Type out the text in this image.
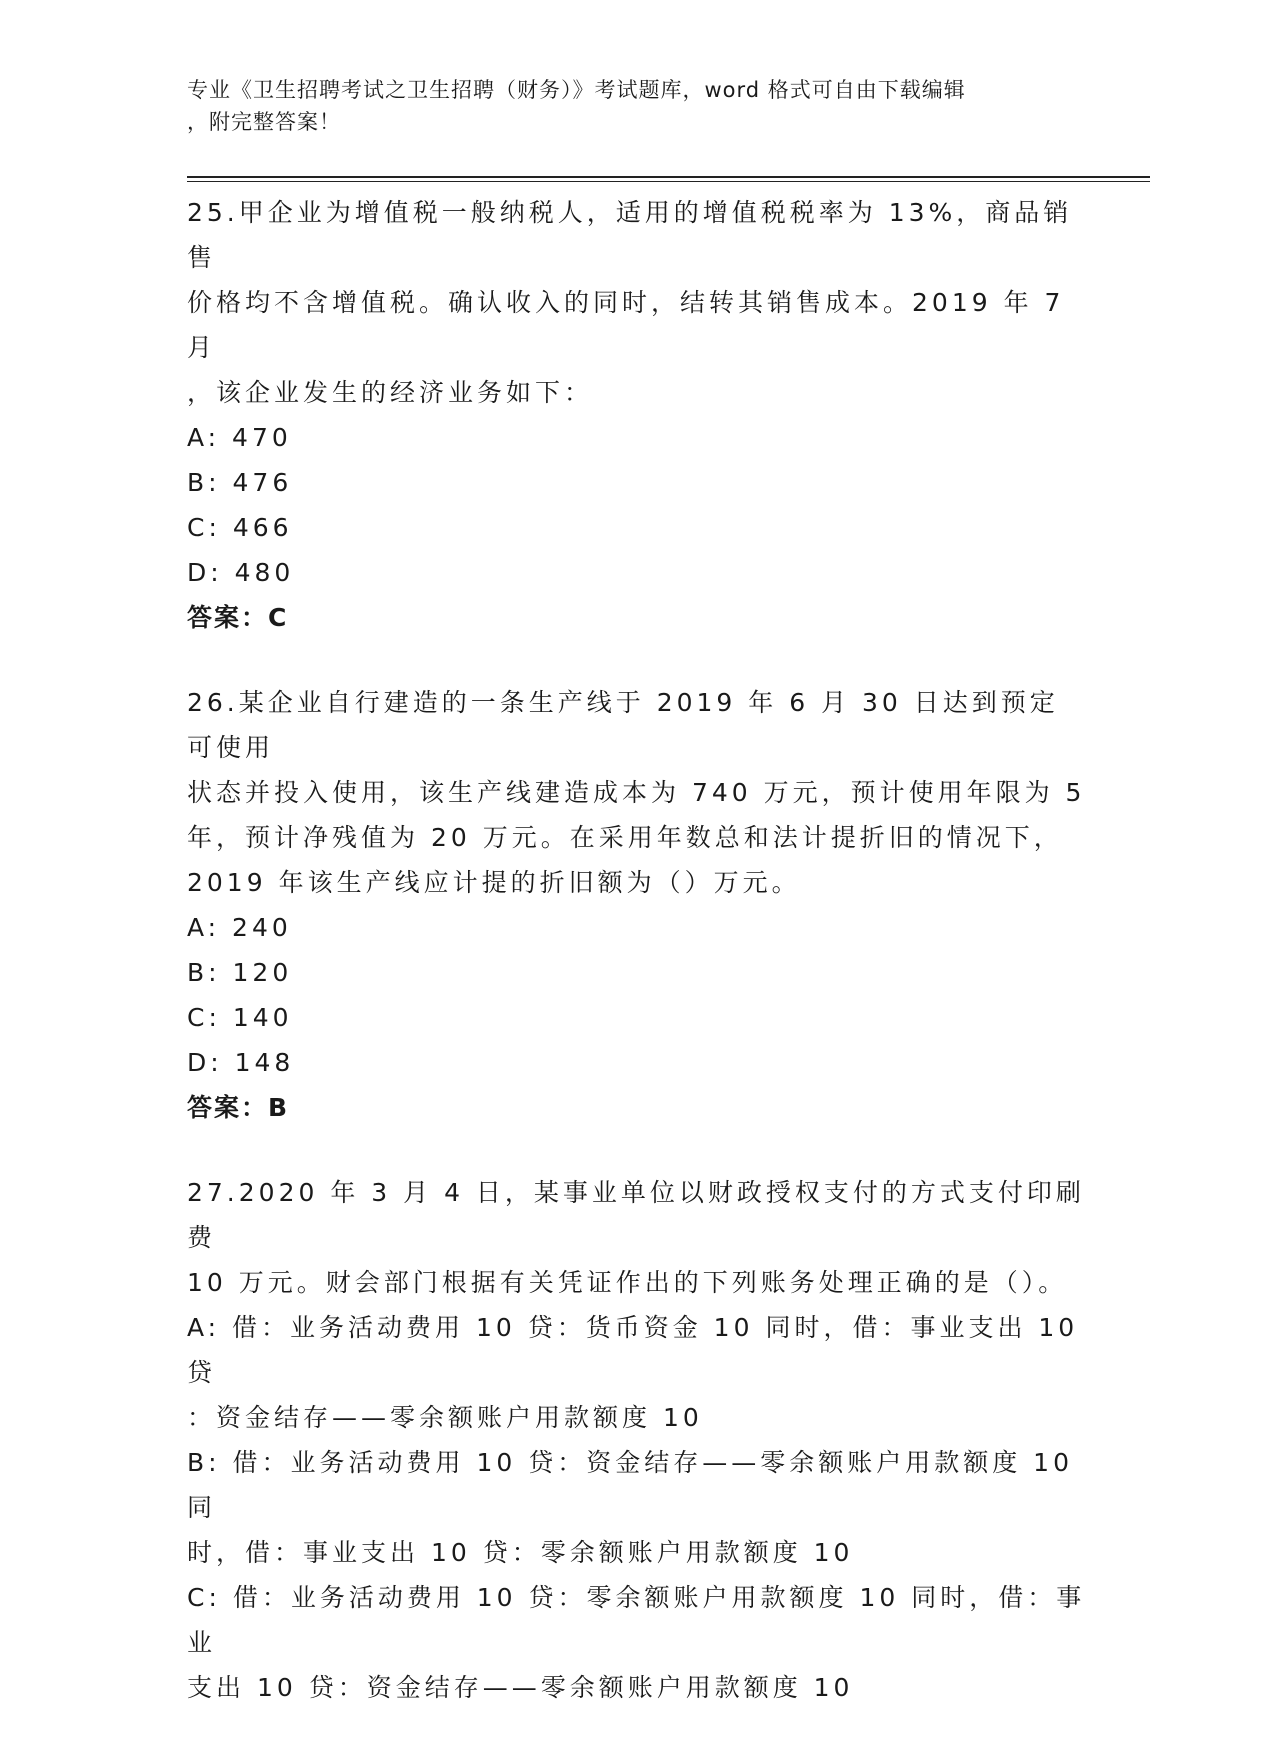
专业《卫生招聘考试之卫生招聘（财务）》考试题库，word 格式可自由下载编辑
，附完整答案！

25.甲企业为增值税一般纳税人，适用的增值税税率为 13%，商品销售
价格均不含增值税。确认收入的同时，结转其销售成本。2019 年 7 月
，该企业发生的经济业务如下：

A: 470

B: 476

C: 466

D: 480

答案：C

26.某企业自行建造的一条生产线于 2019 年 6 月 30 日达到预定可使用
状态并投入使用，该生产线建造成本为 740 万元，预计使用年限为 5
年，预计净残值为 20 万元。在采用年数总和法计提折旧的情况下，
2019 年该生产线应计提的折旧额为（）万元。

A: 240

B: 120

C: 140

D: 148

答案：B

27.2020 年 3 月 4 日，某事业单位以财政授权支付的方式支付印刷费
10 万元。财会部门根据有关凭证作出的下列账务处理正确的是（）。

A: 借：业务活动费用 10 贷：货币资金 10 同时，借：事业支出 10 贷
：资金结存——零余额账户用款额度 10

B: 借：业务活动费用 10 贷：资金结存——零余额账户用款额度 10 同
时，借：事业支出 10 贷：零余额账户用款额度 10

C: 借：业务活动费用 10 贷：零余额账户用款额度 10 同时，借：事业
支出 10 贷：资金结存——零余额账户用款额度 10
